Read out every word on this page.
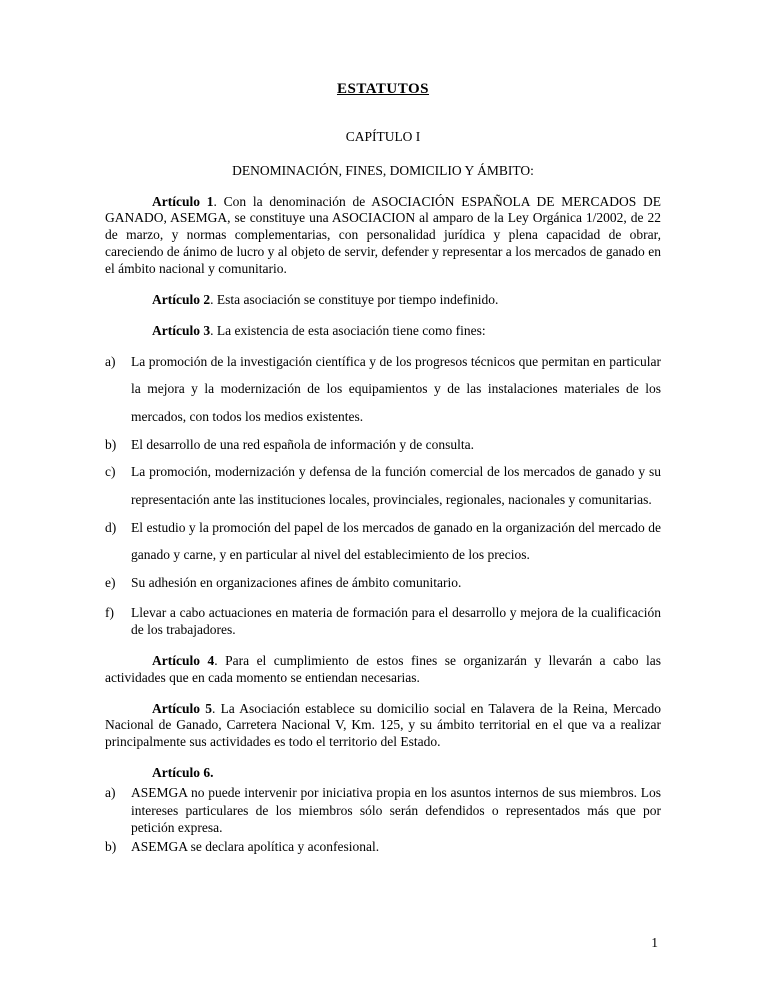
ESTATUTOS
CAPÍTULO I
DENOMINACIÓN, FINES, DOMICILIO Y ÁMBITO:

Artículo 1. Con la denominación de ASOCIACIÓN ESPAÑOLA DE MERCADOS DE GANADO, ASEMGA, se constituye una ASOCIACION al amparo de la Ley Orgánica 1/2002, de 22 de marzo, y normas complementarias, con personalidad jurídica y plena capacidad de obrar, careciendo de ánimo de lucro y al objeto de servir, defender y representar a los mercados de ganado en el ámbito nacional y comunitario.

Artículo 2. Esta asociación se constituye por tiempo indefinido.

Artículo 3. La existencia de esta asociación tiene como fines:

a)	La promoción de la investigación científica y de los progresos técnicos que permitan en particular la mejora y la modernización de los equipamientos y de las instalaciones materiales de los mercados, con todos los medios existentes.
b)	El desarrollo de una red española de información y de consulta.
c)	La promoción, modernización y defensa de la función comercial de los mercados de ganado y su representación ante las instituciones locales, provinciales, regionales, nacionales y comunitarias.
d)	El estudio y la promoción del papel de los mercados de ganado en la organización del mercado de ganado y carne, y en particular al nivel del establecimiento de los precios.
e)	Su adhesión en organizaciones afines de ámbito comunitario.
f)	Llevar a cabo actuaciones en materia de formación para el desarrollo y mejora de la cualificación de los trabajadores.

Artículo 4. Para el cumplimiento de estos fines se organizarán y llevarán a cabo las actividades que en cada momento se entiendan necesarias.

Artículo 5. La Asociación establece su domicilio social en Talavera de la Reina, Mercado Nacional de Ganado, Carretera Nacional V, Km. 125, y su ámbito territorial en el que va a realizar principalmente sus actividades es todo el territorio del Estado.

Artículo 6.

a)	ASEMGA no puede intervenir por iniciativa propia en los asuntos internos de sus miembros. Los intereses particulares de los miembros sólo serán defendidos o representados más que por petición expresa.
b)	ASEMGA se declara apolítica y aconfesional.
1
